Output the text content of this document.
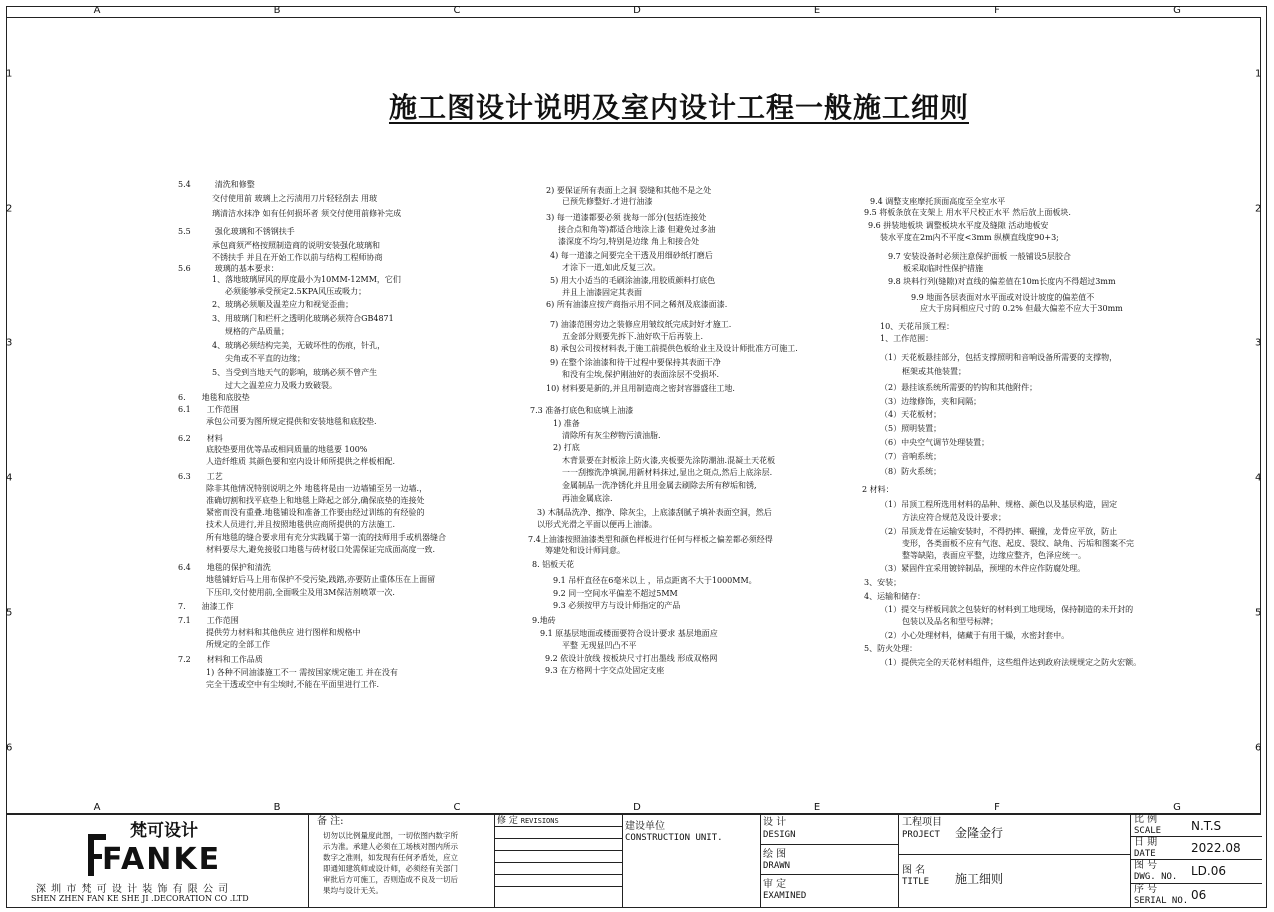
A	B	C	D	E	F	G
A	B	C	D	E	F	G
1
2
3
4
5
6
1
2
3
4
5
6
施工图设计说明及室内设计工程一般施工细则
5.4　　　清洗和修整
交付使用前 玻璃上之污渍用刀片轻轻刮去 用玻
璃清洁水抹净 如有任何损坏者 须交付使用前修补完成
5.5　　　强化玻璃和不锈钢扶手
承包商须严格按照制造商的说明安装强化玻璃和
不锈扶手 并且在开始工作以前与结构工程师协商
5.6　　　玻璃的基本要求：
1、落地玻璃屏风的厚度最小为10MM-12MM，它们
必须能够承受预定2.5KPA风压或吸力；
2、玻璃必须顺及温差应力和视觉歪曲；
3、用玻璃门和栏杆之透明化玻璃必须符合GB4871
规格的产品质量；
4、玻璃必须结构完美，无破坏性的伤痕，针孔，
尖角或不平直的边缘；
5、当受到当地天气的影响，玻璃必须不曾产生
过大之温差应力及吸力致破裂。
6.　　地毯和底胶垫
6.1　　工作范围
承包公司要为图所规定提供和安装地毯和底胶垫.
6.2　　材料
底胶垫要用优等品或相同质量的地毯要 100%
人造纤维质 其颜色要和室内设计师所提供之样板相配.
6.3　　工艺
除非其他情况特别说明之外 地毯将是由一边墙铺至另一边墙.，
准确切割和找平底垫上和地毯上降起之部分,确保底垫的连接处
紧密而没有重叠.地毯铺设和准备工作要由经过训练的有经验的
技术人员进行,并且按照地毯供应商所提供的方法施工.
所有地毯的缝合要求用有充分实践属于第一流的技师用手或机器缝合
材料要尽大,避免接驳口地毯与砖材驳口处需保证完成面高度一致.
6.4　　地毯的保护和清洗
地毯铺好后马上用布保护不受污染,践踏,亦要防止重体压在上面留
下压印,交付使用前,全面吸尘及用3M保洁剂喷罩一次.
7.　　油漆工作
7.1　　工作范围
提供劳力材料和其他供应 进行图样和规格中
所规定的全部工作
7.2　　材料和工作品质
1) 各种不同油漆施工不一 需按国家规定施工 并在没有
完全干透或空中有尘埃时,不能在平面里进行工作.
2) 要保证所有表面上之洞 裂缝和其他不是之处
已预先修整好.才进行油漆
3) 每一道漆都要必须 拢每一部分(包括连接处
接合点和角等)都适合地涂上漆 但避免过多油
漆深度不均匀,特别是边缘 角上和接合处
4) 每一道漆之间要完全干透及用细砂纸打磨后
才涂下一道,如此反复三次。
5) 用大小适当的毛刷涂油漆,用胶质颜料打底色
并且上油漆固定其表面
6) 所有油漆应按产商指示用不同之稀剂及底漆面漆.
7) 油漆范围旁边之装修应用皱纹纸完成封好才施工.
五金部分则要先拆下.油好吹干后再装上.
8) 承包公司按材料表,于施工前提供色板给业主及设计师批准方可施工.
9) 在整个涂油漆和待干过程中要保持其表面干净
和没有尘埃,保护刚油好的表面涂层不受损坏.
10) 材料要是新的,并且用制造商之密封容器盛往工地.
7.3 准备打底色和底填上油漆
1) 准备
清除所有灰尘秽物污渍油脂.
2) 打底
木背景要在封板涂上防火漆,夹板要先涂防潮油.混凝土天花板
一一刮擦洗净填洞,用新材料抹过,显出之斑点,然后上底涂层.
金属制品一洗净锈化并且用金属去刷除去所有秽垢和锈,
再油金属底涂.
3) 木制品洗净、擦净、除灰尘，上底漆刮腻子填补表面空洞，然后
以形式光滑之平面以便再上油漆。
7.4上油漆按照油漆类型和颜色样板进行任何与样板之偏差都必须经得
筹建处和设计师同意。
8. 铝板天花
9.1 吊杆直径在6毫米以上 ，吊点距离不大于1000MM。
9.2 同一空间水平偏差不超过5MM
9.3 必须按甲方与设计师指定的产品
9.地砖
9.1 原基层地面或楼面要符合设计要求 基层地面应
平整 无现显凹凸不平
9.2 依设计放线 按板块尺寸打出墨线 形成双格网
9.3 在方格网十字交点处固定支座
9.4 调整支座摩托顶面高度至全室水平
9.5 将板条放在支架上 用水平尺校正水平 然后放上面板块.
9.6 拼装地板块 调整板块水平度及缝隙 活动地板安
装水平度在2m内不平度<3mm 纵横直线度90+3;
9.7 安装设备时必须注意保护面板 一般铺设5层胶合
板采取临时性保护措施
9.8 块料行列(缝隙)对直线的偏差值在10m长度内不得超过3mm
9.9 地面各层表面对水平面或对设计坡度的偏差值不
应大于房间相应尺寸的 0.2% 但最大偏差不应大于30mm
10、天花吊顶工程：
1、工作范围：
（1）天花板悬挂部分，包括支撑照明和音响设备所需要的支撑物，
框架或其他装置；
（2）悬挂该系统所需要的钓钩和其他附件；
（3）边缘修饰，夹和间隔；
（4）天花板材；
（5）照明装置；
（6）中央空气调节处理装置；
（7）音响系统；
（8）防火系统；
2 材料：
（1）吊顶工程所选用材料的品种、规格、颜色以及基层构造，固定
方法应符合规范及设计要求；
（2）吊顶龙骨在运输安装时，不得扔摔、碾撞，龙骨应平放，防止
变形，各类面板不应有气泡、起皮、裂纹、缺角、污垢和图案不完
整等缺陷，表面应平整，边缘应整齐，色泽应统一。
（3）紧固件宜采用镀锌制品，预埋的木件应作防腐处理。
3、安装；
4、运输和储存：
（1）提交与样板同款之包装好的材料到工地现场，保持制造的未开封的
包装以及品名和型号标牌；
（2）小心处理材料，储藏于有用干燥，水密封套中。
5、防火处理：
（1）提供完全的天花材料组件，这些组件达到政府法规规定之防火宏额。
梵可设计
FANKE
深 圳 市 梵 可 设 计 装 饰 有 限 公 司
SHEN ZHEN FAN KE SHE JI .DECORATION CO .LTD
备 注:
切勿以比例量度此图，一切依图内数字所
示为准。承建人必须在工场核对图内所示
数字之准则，如发现有任何矛盾处，应立
即通知建筑师或设计师，必须经有关部门
审批后方可施工，否则造成不良及一切后
果均与设计无关。
修 定 REVISIONS	建设单位
CONSTRUCTION UNIT.
设 计
DESIGN
绘 图
DRAWN
审 定
EXAMINED
工程项目
PROJECT 金隆金行
图 名
TITLE 施工细则
比 例
SCALE N.T.S
日 期
DATE	2022.08
图 号
DWG. NO. LD.06
序 号
SERIAL NO. 06
